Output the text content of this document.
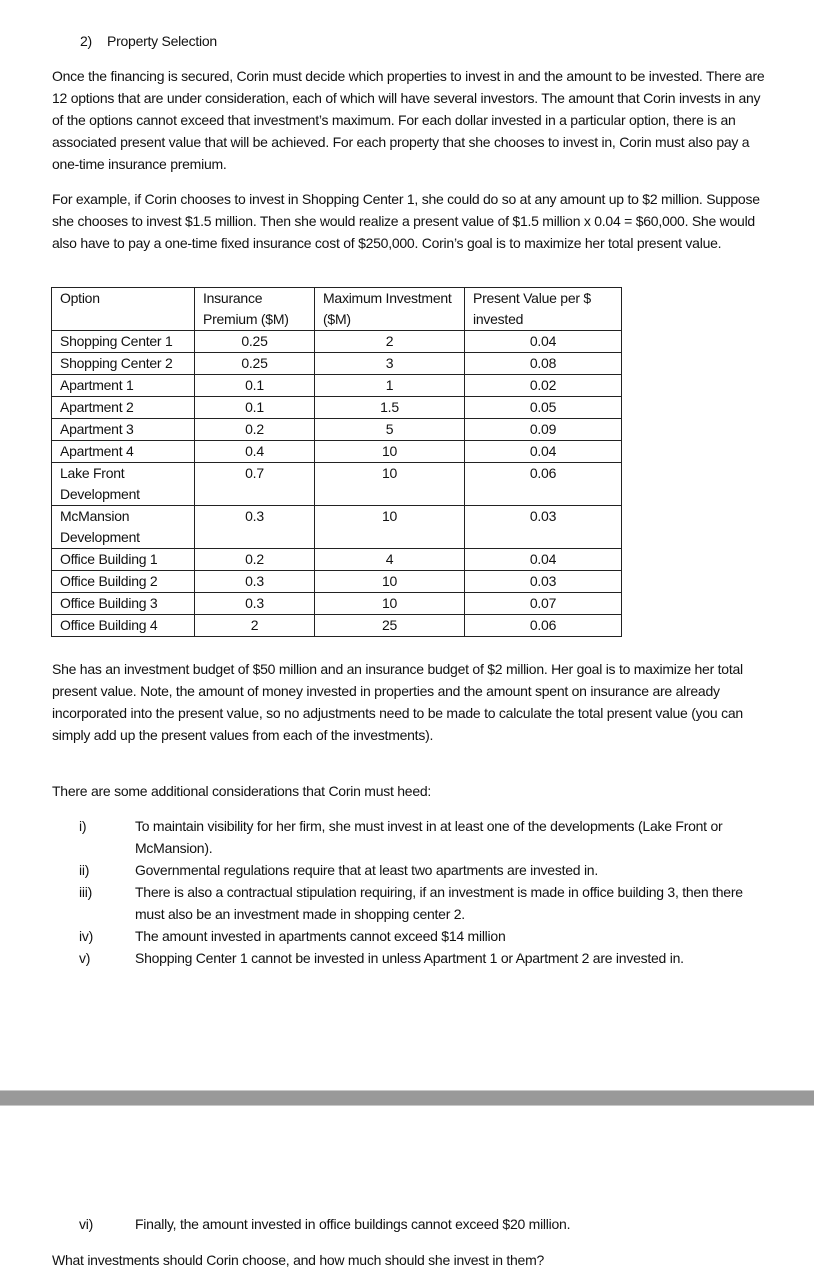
2) Property Selection

Once the financing is secured, Corin must decide which properties to invest in and the amount to be invested. There are 12 options that are under consideration, each of which will have several investors. The amount that Corin invests in any of the options cannot exceed that investment’s maximum. For each dollar invested in a particular option, there is an associated present value that will be achieved. For each property that she chooses to invest in, Corin must also pay a one-time insurance premium.

For example, if Corin chooses to invest in Shopping Center 1, she could do so at any amount up to $2 million. Suppose she chooses to invest $1.5 million. Then she would realize a present value of $1.5 million x 0.04 = $60,000. She would also have to pay a one-time fixed insurance cost of $250,000. Corin’s goal is to maximize her total present value.

Option	Insurance Premium ($M)	Maximum Investment ($M)	Present Value per $ invested
Shopping Center 1	0.25	2	0.04
Shopping Center 2	0.25	3	0.08
Apartment 1	0.1	1	0.02
Apartment 2	0.1	1.5	0.05
Apartment 3	0.2	5	0.09
Apartment 4	0.4	10	0.04
Lake Front Development	0.7	10	0.06
McMansion Development	0.3	10	0.03
Office Building 1	0.2	4	0.04
Office Building 2	0.3	10	0.03
Office Building 3	0.3	10	0.07
Office Building 4	2	25	0.06

She has an investment budget of $50 million and an insurance budget of $2 million. Her goal is to maximize her total present value. Note, the amount of money invested in properties and the amount spent on insurance are already incorporated into the present value, so no adjustments need to be made to calculate the total present value (you can simply add up the present values from each of the investments).

There are some additional considerations that Corin must heed:

i)	To maintain visibility for her firm, she must invest in at least one of the developments (Lake Front or McMansion).
ii)	Governmental regulations require that at least two apartments are invested in.
iii)	There is also a contractual stipulation requiring, if an investment is made in office building 3, then there must also be an investment made in shopping center 2.
iv)	The amount invested in apartments cannot exceed $14 million
v)	Shopping Center 1 cannot be invested in unless Apartment 1 or Apartment 2 are invested in.
vi)	Finally, the amount invested in office buildings cannot exceed $20 million.

What investments should Corin choose, and how much should she invest in them?
